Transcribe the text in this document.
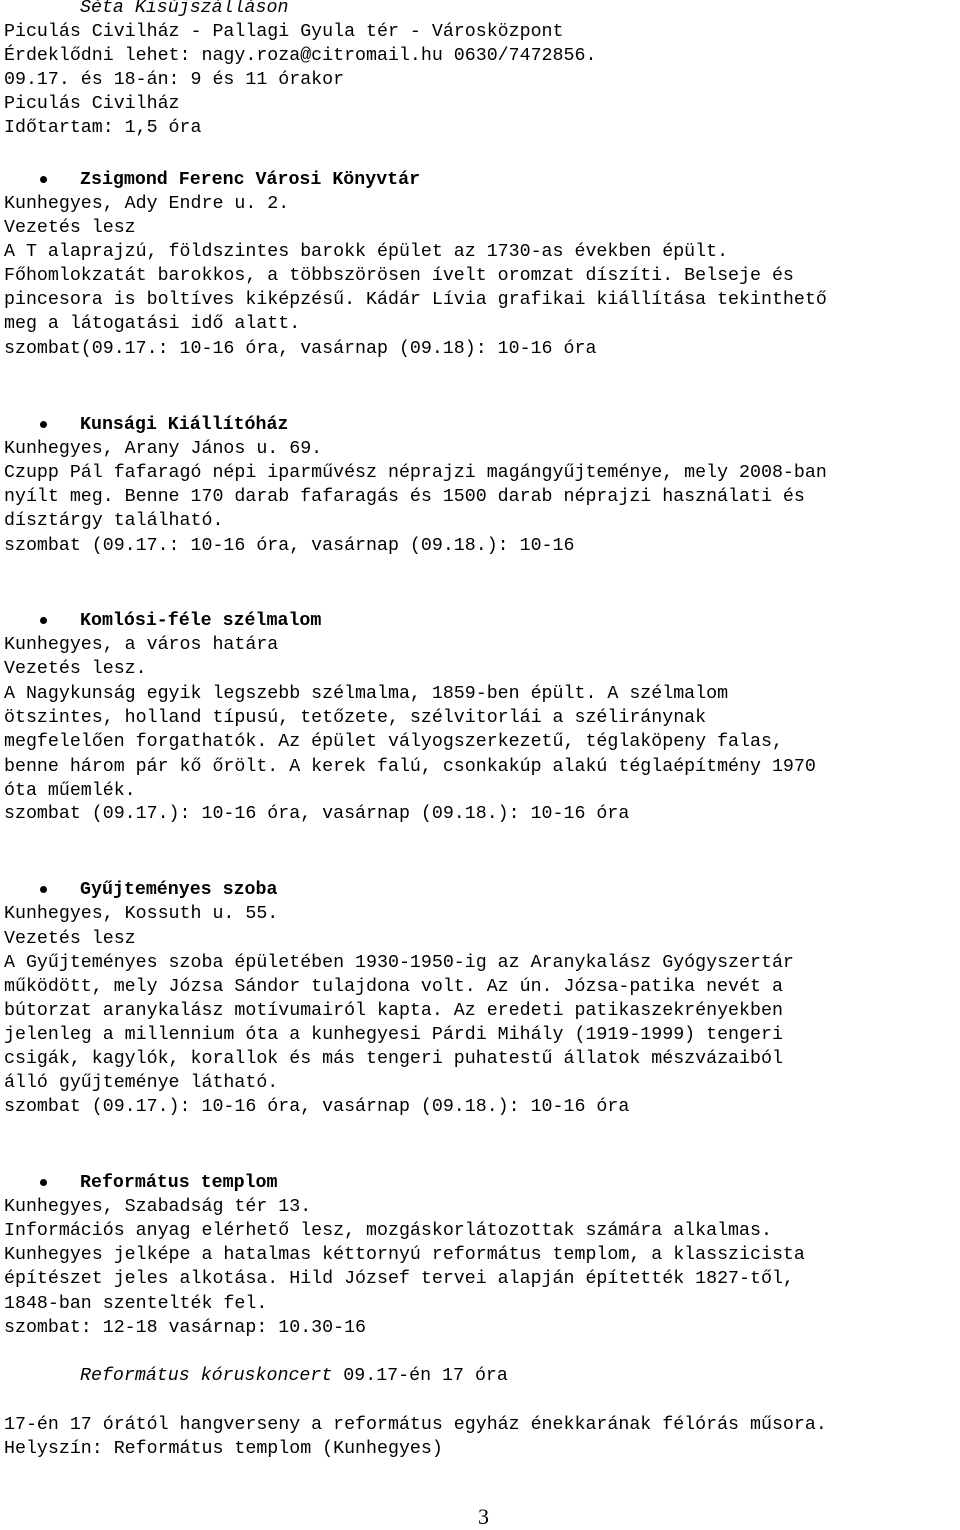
Séta Kisújszálláson
Piculás Civilház - Pallagi Gyula tér - Városközpont
Érdeklődni lehet: nagy.roza@citromail.hu 0630/7472856.
09.17. és 18-án: 9 és 11 órakor
Piculás Civilház
Időtartam: 1,5 óra
Zsigmond Ferenc Városi Könyvtár
Kunhegyes, Ady Endre u. 2.
Vezetés lesz
A T alaprajzú, földszintes barokk épület az 1730-as években épült.
Főhomlokzatát barokkos, a többszörösen ívelt oromzat díszíti. Belseje és
pincesora is boltíves kiképzésű. Kádár Lívia grafikai kiállítása tekinthető
meg a látogatási idő alatt.
szombat(09.17.: 10-16 óra, vasárnap (09.18): 10-16 óra
Kunsági Kiállítóház
Kunhegyes, Arany János u. 69.
Czupp Pál fafaragó népi iparművész néprajzi magángyűjteménye, mely 2008-ban
nyílt meg. Benne 170 darab fafaragás és 1500 darab néprajzi használati és
dísztárgy található.
szombat (09.17.: 10-16 óra, vasárnap (09.18.): 10-16
Komlósi-féle szélmalom
Kunhegyes, a város határa
Vezetés lesz.
A Nagykunság egyik legszebb szélmalma, 1859-ben épült. A szélmalom
ötszintes, holland típusú, tetőzete, szélvitorlái a széliránynak
megfelelően forgathatók. Az épület vályogszerkezetű, téglaköpeny falas,
benne három pár kő őrölt. A kerek falú, csonkakúp alakú téglaépítmény 1970
óta műemlék.
szombat (09.17.): 10-16 óra, vasárnap (09.18.): 10-16 óra
Gyűjteményes szoba
Kunhegyes, Kossuth u. 55.
Vezetés lesz
A Gyűjteményes szoba épületében 1930-1950-ig az Aranykalász Gyógyszertár
működött, mely Józsa Sándor tulajdona volt. Az ún. Józsa-patika nevét a
bútorzat aranykalász motívumairól kapta. Az eredeti patikaszekrényekben
jelenleg a millennium óta a kunhegyesi Párdi Mihály (1919-1999) tengeri
csigák, kagylók, korallok és más tengeri puhatestű állatok mészvázaiból
álló gyűjteménye látható.
szombat (09.17.): 10-16 óra, vasárnap (09.18.): 10-16 óra
Református templom
Kunhegyes, Szabadság tér 13.
Információs anyag elérhető lesz, mozgáskorlátozottak számára alkalmas.
Kunhegyes jelképe a hatalmas kéttornyú református templom, a klasszicista
építészet jeles alkotása. Hild József tervei alapján építették 1827-től,
1848-ban szentelték fel.
szombat: 12-18 vasárnap: 10.30-16
Református kóruskoncert 09.17-én 17 óra
17-én 17 órától hangverseny a református egyház énekkarának félórás műsora.
Helyszín: Református templom (Kunhegyes)
3
